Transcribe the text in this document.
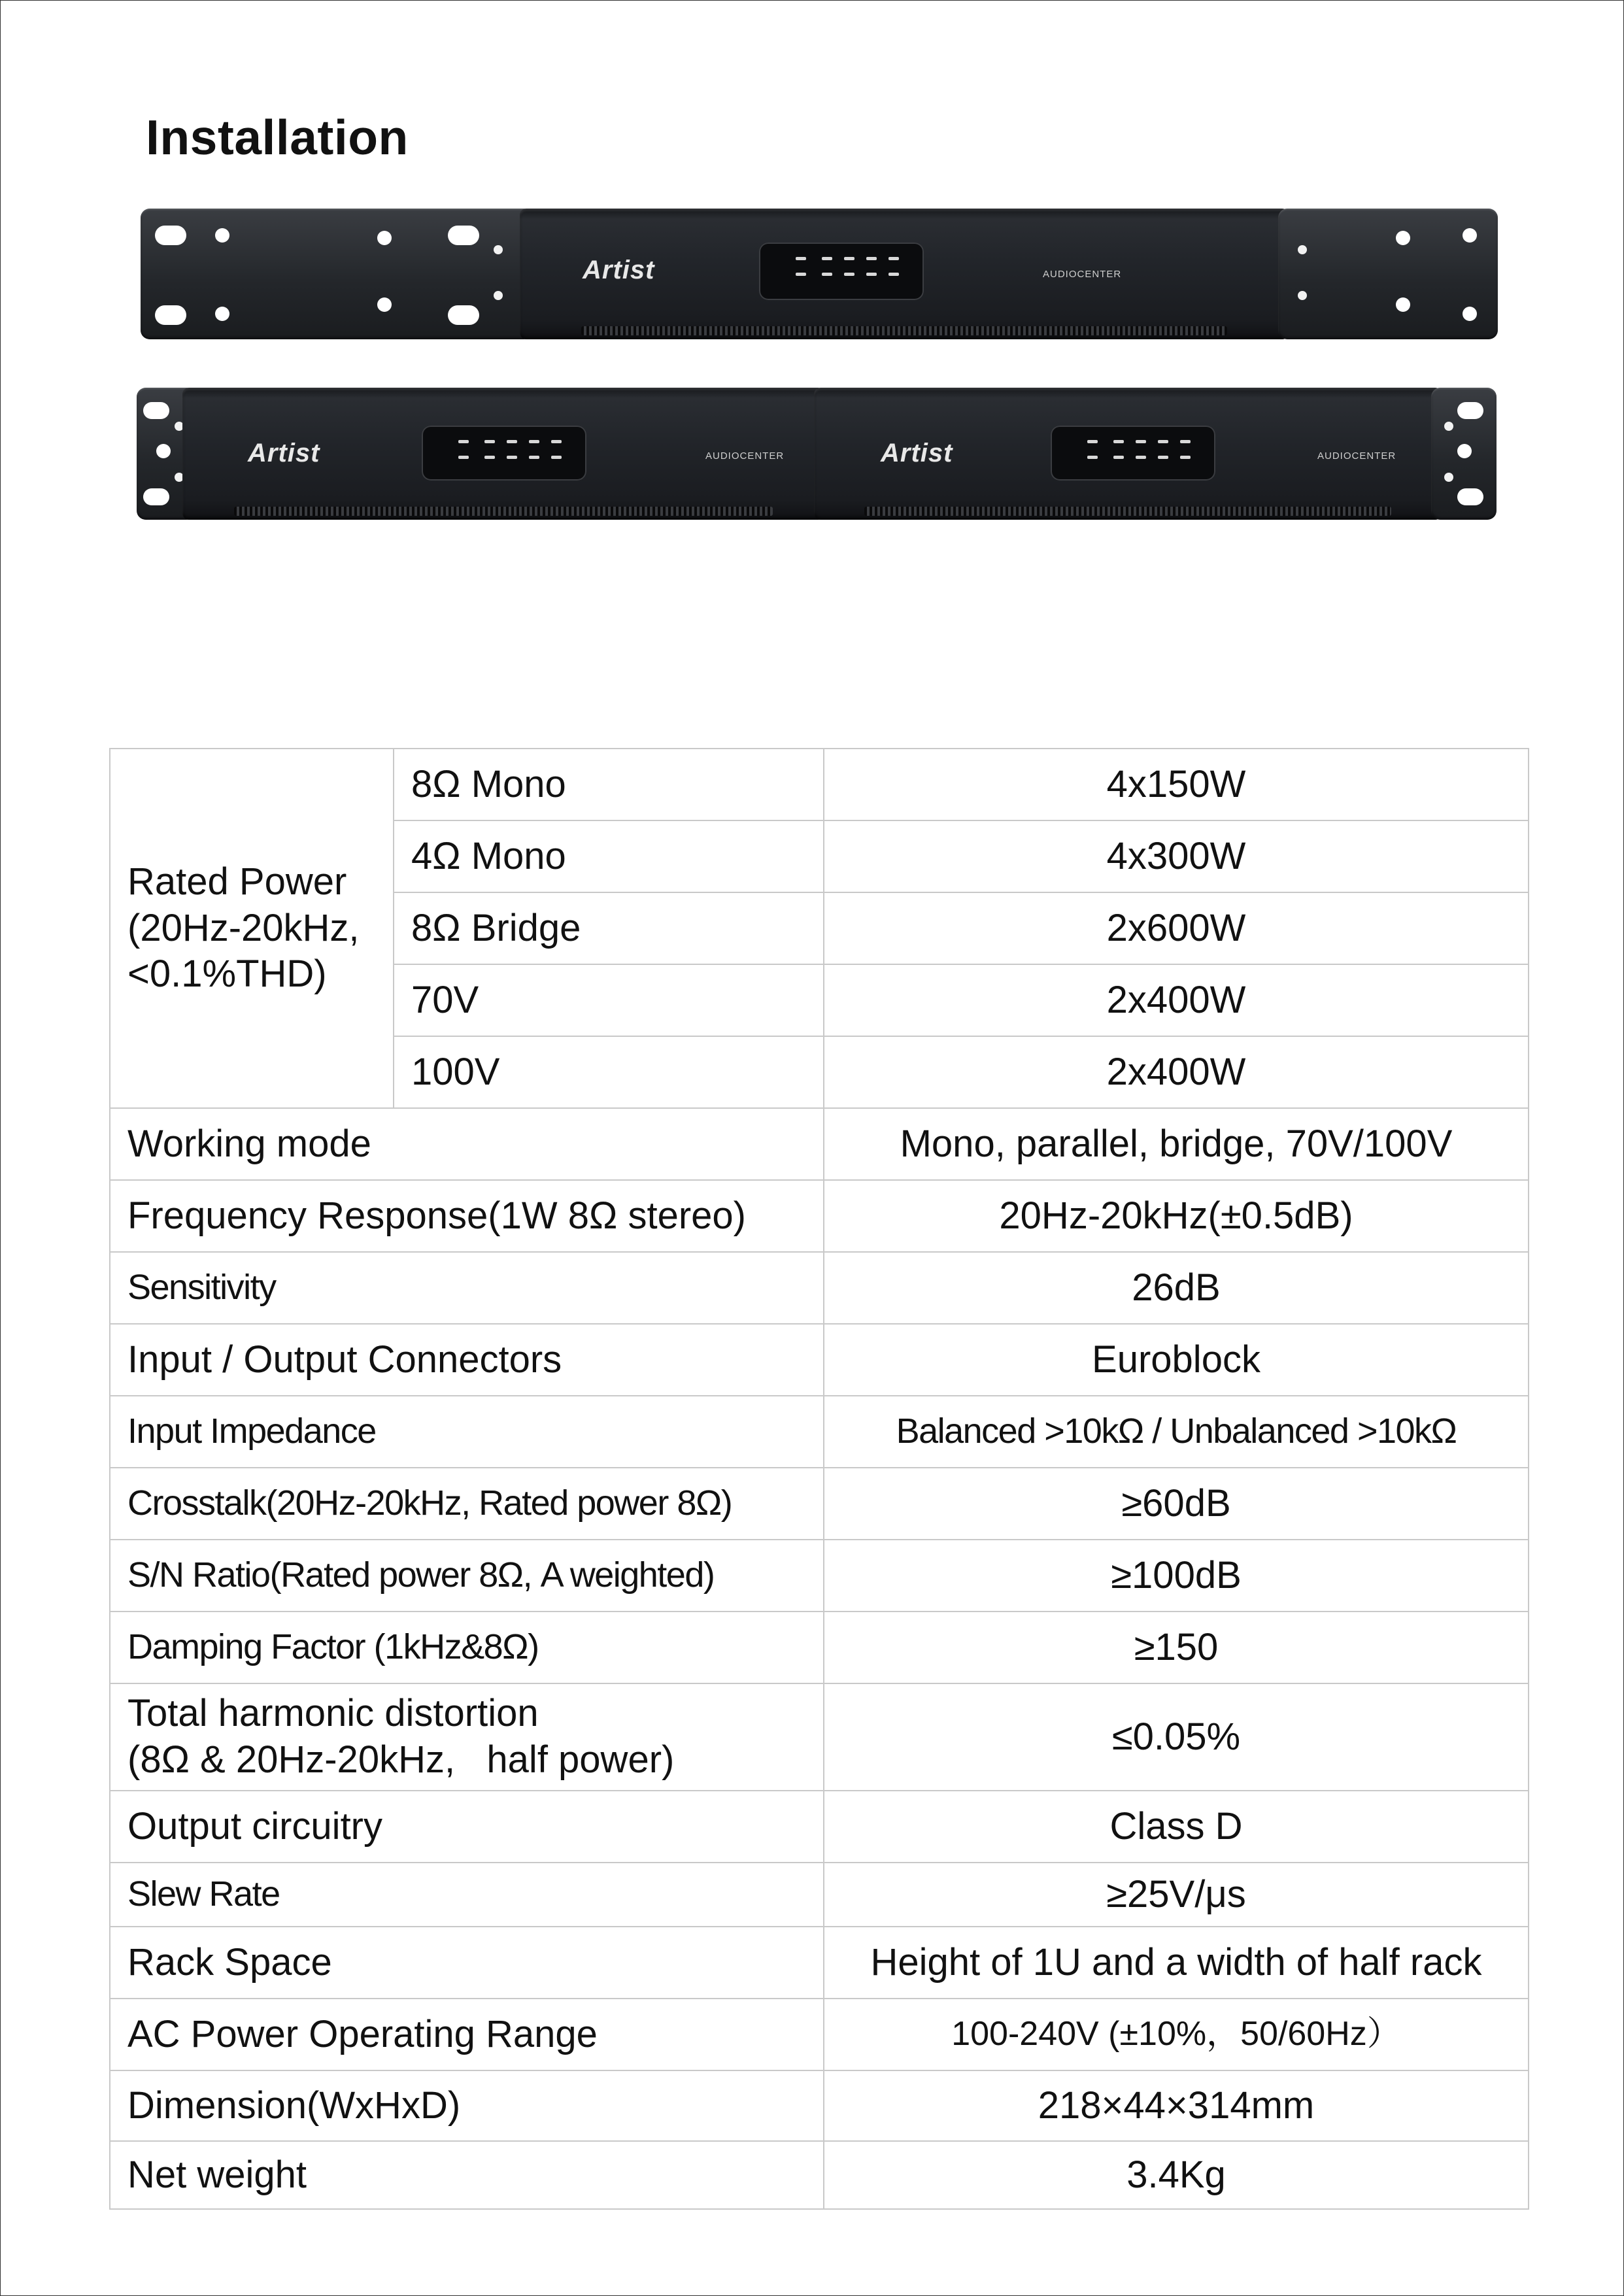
Installation
Artist	AUDIOCENTER
Artist	AUDIOCENTER	Artist	AUDIOCENTER
Rated Power
(20Hz-20kHz,
<0.1%THD)	8Ω Mono	4x150W
	4Ω Mono	4x300W
	8Ω Bridge	2x600W
	70V	2x400W
	100V	2x400W
Working mode		Mono, parallel, bridge, 70V/100V
Frequency Response(1W 8Ω stereo)		20Hz-20kHz(±0.5dB)
Sensitivity		26dB
Input / Output Connectors		Euroblock
Input Impedance		Balanced >10kΩ / Unbalanced >10kΩ
Crosstalk(20Hz-20kHz, Rated power 8Ω)		≥60dB
S/N Ratio(Rated power 8Ω, A weighted)		≥100dB
Damping Factor (1kHz&8Ω)		≥150
Total harmonic distortion
(8Ω & 20Hz-20kHz,   half power)		≤0.05%
Output circuitry		Class D
Slew Rate		≥25V/μs
Rack Space		Height of 1U and a width of half rack
AC Power Operating Range		100-240V (±10%，50/60Hz）
Dimension(WxHxD)		218×44×314mm
Net weight		3.4Kg
